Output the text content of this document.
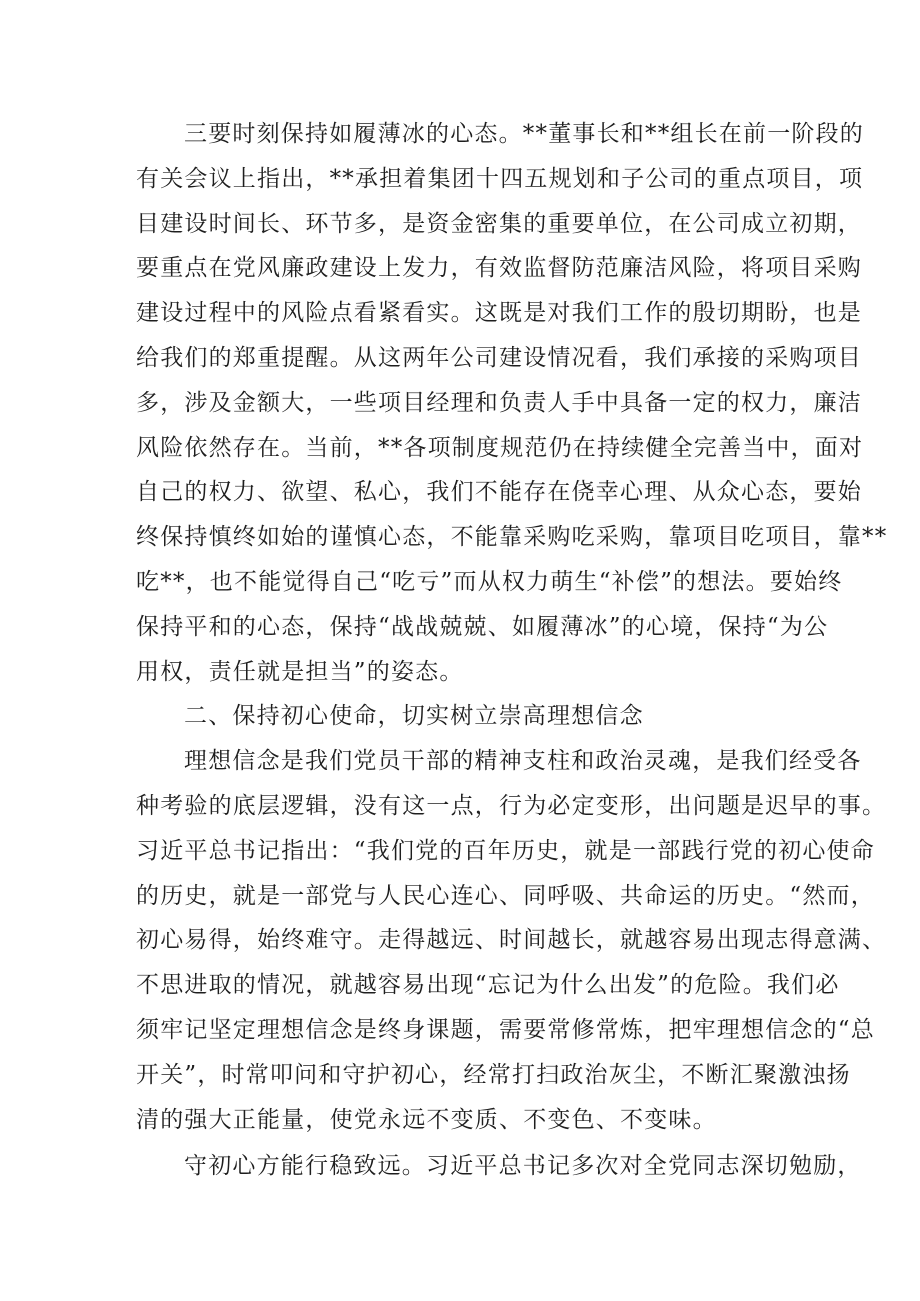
三要时刻保持如履薄冰的心态。**董事长和**组长在前一阶段的
有关会议上指出，**承担着集团十四五规划和子公司的重点项目，项
目建设时间长、环节多，是资金密集的重要单位，在公司成立初期，
要重点在党风廉政建设上发力，有效监督防范廉洁风险，将项目采购
建设过程中的风险点看紧看实。这既是对我们工作的殷切期盼，也是
给我们的郑重提醒。从这两年公司建设情况看，我们承接的采购项目
多，涉及金额大，一些项目经理和负责人手中具备一定的权力，廉洁
风险依然存在。当前，**各项制度规范仍在持续健全完善当中，面对
自己的权力、欲望、私心，我们不能存在侥幸心理、从众心态，要始
终保持慎终如始的谨慎心态，不能靠采购吃采购，靠项目吃项目，靠**
吃**，也不能觉得自己“吃亏”而从权力萌生“补偿”的想法。要始终
保持平和的心态，保持“战战兢兢、如履薄冰”的心境，保持“为公
用权，责任就是担当”的姿态。
二、保持初心使命，切实树立崇高理想信念
理想信念是我们党员干部的精神支柱和政治灵魂，是我们经受各
种考验的底层逻辑，没有这一点，行为必定变形，出问题是迟早的事。
习近平总书记指出：“我们党的百年历史，就是一部践行党的初心使命
的历史，就是一部党与人民心连心、同呼吸、共命运的历史。“然而，
初心易得，始终难守。走得越远、时间越长，就越容易出现志得意满、
不思进取的情况，就越容易出现“忘记为什么出发”的危险。我们必
须牢记坚定理想信念是终身课题，需要常修常炼，把牢理想信念的“总
开关”，时常叩问和守护初心，经常打扫政治灰尘，不断汇聚激浊扬
清的强大正能量，使党永远不变质、不变色、不变味。
守初心方能行稳致远。习近平总书记多次对全党同志深切勉励，
